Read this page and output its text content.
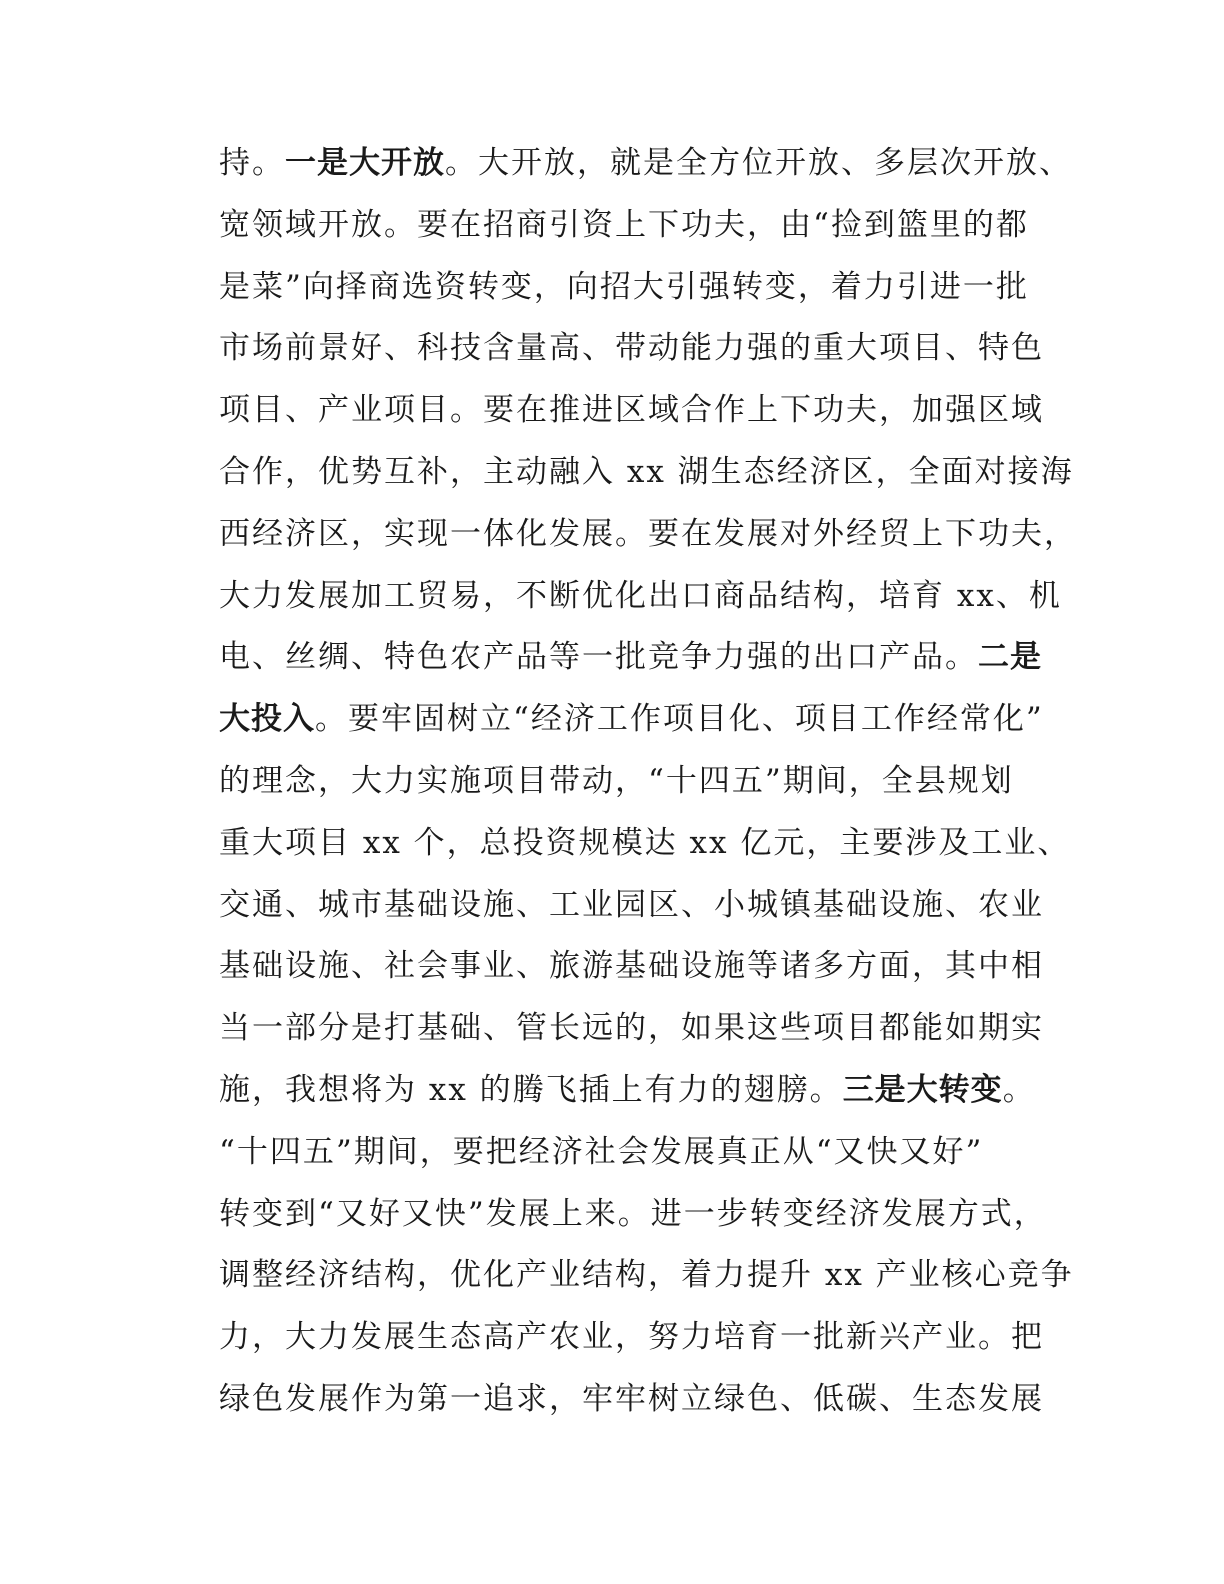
持。一是大开放。大开放，就是全方位开放、多层次开放、
宽领域开放。要在招商引资上下功夫，由“捡到篮里的都
是菜”向择商选资转变，向招大引强转变，着力引进一批
市场前景好、科技含量高、带动能力强的重大项目、特色
项目、产业项目。要在推进区域合作上下功夫，加强区域
合作，优势互补，主动融入 xx 湖生态经济区，全面对接海
西经济区，实现一体化发展。要在发展对外经贸上下功夫，
大力发展加工贸易，不断优化出口商品结构，培育 xx、机
电、丝绸、特色农产品等一批竞争力强的出口产品。二是
大投入。要牢固树立“经济工作项目化、项目工作经常化”
的理念，大力实施项目带动，“十四五”期间，全县规划
重大项目 xx 个，总投资规模达 xx 亿元，主要涉及工业、
交通、城市基础设施、工业园区、小城镇基础设施、农业
基础设施、社会事业、旅游基础设施等诸多方面，其中相
当一部分是打基础、管长远的，如果这些项目都能如期实
施，我想将为 xx 的腾飞插上有力的翅膀。三是大转变。
“十四五”期间，要把经济社会发展真正从“又快又好”
转变到“又好又快”发展上来。进一步转变经济发展方式，
调整经济结构，优化产业结构，着力提升 xx 产业核心竞争
力，大力发展生态高产农业，努力培育一批新兴产业。把
绿色发展作为第一追求，牢牢树立绿色、低碳、生态发展
